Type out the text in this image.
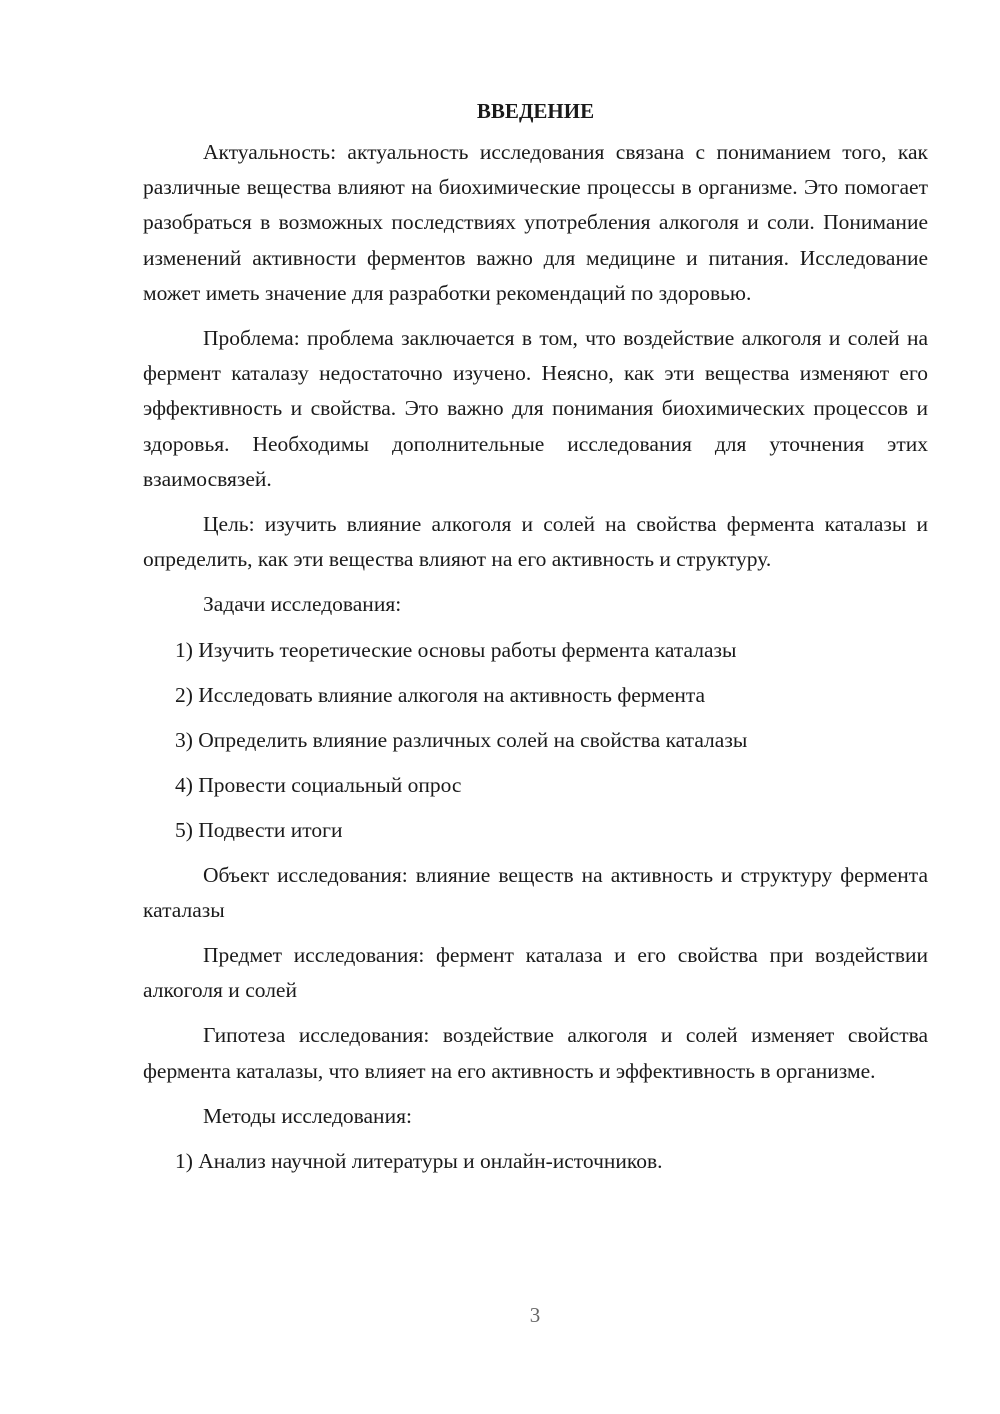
ВВЕДЕНИЕ

Актуальность: актуальность исследования связана с пониманием того, как различные вещества влияют на биохимические процессы в организме. Это помогает разобраться в возможных последствиях употребления алкоголя и соли. Понимание изменений активности ферментов важно для медицине и питания. Исследование может иметь значение для разработки рекомендаций по здоровью.

Проблема: проблема заключается в том, что воздействие алкоголя и солей на фермент каталазу недостаточно изучено. Неясно, как эти вещества изменяют его эффективность и свойства. Это важно для понимания биохимических процессов и здоровья. Необходимы дополнительные исследования для уточнения этих взаимосвязей.

Цель: изучить влияние алкоголя и солей на свойства фермента каталазы и определить, как эти вещества влияют на его активность и структуру.

Задачи исследования:

1) Изучить теоретические основы работы фермента каталазы
2) Исследовать влияние алкоголя на активность фермента
3) Определить влияние различных солей на свойства каталазы
4) Провести социальный опрос
5) Подвести итоги

Объект исследования: влияние веществ на активность и структуру фермента каталазы

Предмет исследования: фермент каталаза и его свойства при воздействии алкоголя и солей

Гипотеза исследования: воздействие алкоголя и солей изменяет свойства фермента каталазы, что влияет на его активность и эффективность в организме.

Методы исследования:

1) Анализ научной литературы и онлайн-источников.
3
